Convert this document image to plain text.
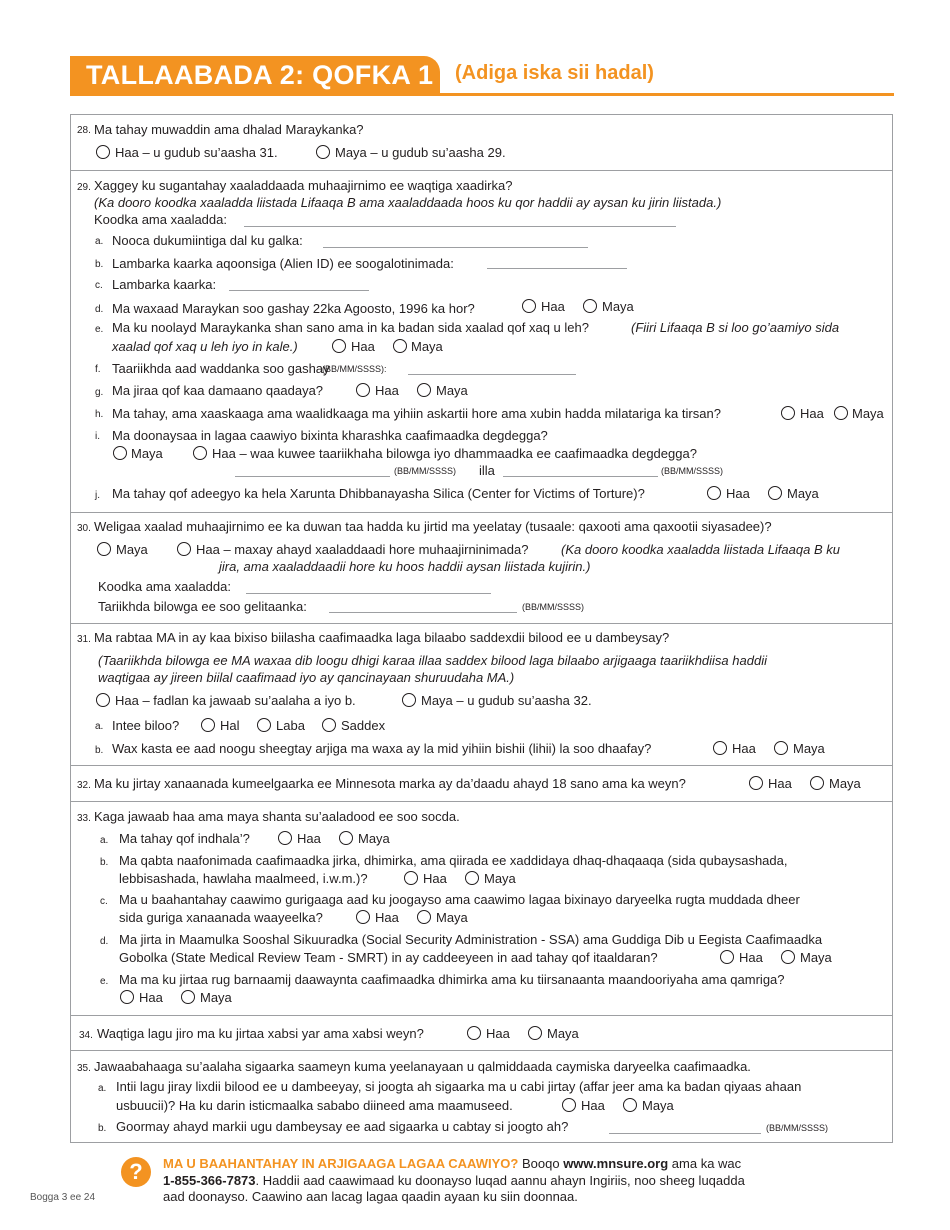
TALLAABADA 2: QOFKA 1 (Adiga iska sii hadal)
28. Ma tahay muwaddin ama dhalad Maraykanka?
Haa – u gudub su’aasha 31.	Maya – u gudub su’aasha 29.
29. Xaggey ku sugantahay xaaladdaada muhaajirnimo ee waqtiga xaadirka?
(Ka dooro koodka xaaladda liistada Lifaaqa B ama xaaladdaada hoos ku qor haddii ay aysan ku jirin liistada.)
Koodka ama xaaladda:
a. Nooca dukumiintiga dal ku galka:
b. Lambarka kaarka aqoonsiga (Alien ID) ee soogalotinimada:
c. Lambarka kaarka:
d. Ma waxaad Maraykan soo gashay 22ka Agoosto, 1996 ka hor?	Haa	Maya
e. Ma ku noolayd Maraykanka shan sano ama in ka badan sida xaalad qof xaq u leh?	(Fiiri Lifaaqa B si loo go’aamiyo sida
xaalad qof xaq u leh iyo in kale.)	Haa	Maya
f. Taariikhda aad waddanka soo gashay
(BB/MM/SSSS):
g. Ma jiraa qof kaa damaano qaadaya?	Haa	Maya
h. Ma tahay, ama xaaskaaga ama waalidkaaga ma yihiin askartii hore ama xubin hadda milatariga ka tirsan?	Haa Maya
i. Ma doonaysaa in lagaa caawiyo bixinta kharashka caafimaadka degdegga?
Maya	Haa – waa kuwee taariikhaha bilowga iyo dhammaadka ee caafimaadka degdegga?
(BB/MM/SSSS) illa	(BB/MM/SSSS)
j. Ma tahay qof adeegyo ka hela Xarunta Dhibbanayasha Silica (Center for Victims of Torture)?	Haa	Maya
30. Weligaa xaalad muhaajirnimo ee ka duwan taa hadda ku jirtid ma yeelatay (tusaale: qaxooti ama qaxootii siyasadee)?
Maya	Haa – maxay ahayd xaaladdaadi hore muhaajirninimada?	(Ka dooro koodka xaaladda liistada Lifaaqa B ku
jira, ama xaaladdaadii hore ku hoos haddii aysan liistada kujirin.)
Koodka ama xaaladda:
Tariikhda bilowga ee soo gelitaanka:	(BB/MM/SSSS)
31. Ma rabtaa MA in ay kaa bixiso biilasha caafimaadka laga bilaabo saddexdii bilood ee u dambeysay?
(Taariikhda bilowga ee MA waxaa dib loogu dhigi karaa illaa saddex bilood laga bilaabo arjigaaga taariikhdiisa haddii
waqtigaa ay jireen biilal caafimaad iyo ay qancinayaan shuruudaha MA.)
Haa – fadlan ka jawaab su’aalaha a iyo b.	Maya – u gudub su’aasha 32.
a. Intee biloo?	Hal	Laba	Saddex
b. Wax kasta ee aad noogu sheegtay arjiga ma waxa ay la mid yihiin bishii (lihii) la soo dhaafay?	Haa	Maya
32. Ma ku jirtay xanaanada kumeelgaarka ee Minnesota marka ay da’daadu ahayd 18 sano ama ka weyn?	Haa	Maya
33. Kaga jawaab haa ama maya shanta su’aaladood ee soo socda.
a. Ma tahay qof indhala’?	Haa	Maya
b. Ma qabta naafonimada caafimaadka jirka, dhimirka, ama qiirada ee xaddidaya dhaq-dhaqaaqa (sida qubaysashada,
lebbisashada, hawlaha maalmeed, i.w.m.)?	Haa	Maya
c. Ma u baahantahay caawimo gurigaaga aad ku joogayso ama caawimo lagaa bixinayo daryeelka rugta muddada dheer
sida guriga xanaanada waayeelka?	Haa	Maya
d. Ma jirta in Maamulka Sooshal Sikuuradka (Social Security Administration - SSA) ama Guddiga Dib u Eegista Caafimaadka
Gobolka (State Medical Review Team - SMRT) in ay caddeeyeen in aad tahay qof itaaldaran?	Haa	Maya
e. Ma ma ku jirtaa rug barnaamij daawaynta caafimaadka dhimirka ama ku tiirsanaanta maandooriyaha ama qamriga?
Haa	Maya
34. Waqtiga lagu jiro ma ku jirtaa xabsi yar ama xabsi weyn?	Haa	Maya
35. Jawaabahaaga su’aalaha sigaarka saameyn kuma yeelanayaan u qalmiddaada caymiska daryeelka caafimaadka.
a. Intii lagu jiray lixdii bilood ee u dambeeyay, si joogta ah sigaarka ma u cabi jirtay (affar jeer ama ka badan qiyaas ahaan
usbuucii)? Ha ku darin isticmaalka sababo diineed ama maamuseed.	Haa	Maya
b. Goormay ahayd markii ugu dambeysay ee aad sigaarka u cabtay si joogto ah?	(BB/MM/SSSS)
?	MA U BAAHANTAHAY IN ARJIGAAGA LAGAA CAAWIYO? Booqo www.mnsure.org ama ka wac
1-855-366-7873. Haddii aad caawimaad ku doonayso luqad aannu ahayn Ingiriis, noo sheeg luqadda
aad doonayso. Caawino aan lacag lagaa qaadin ayaan ku siin doonnaa.
Bogga 3 ee 24
